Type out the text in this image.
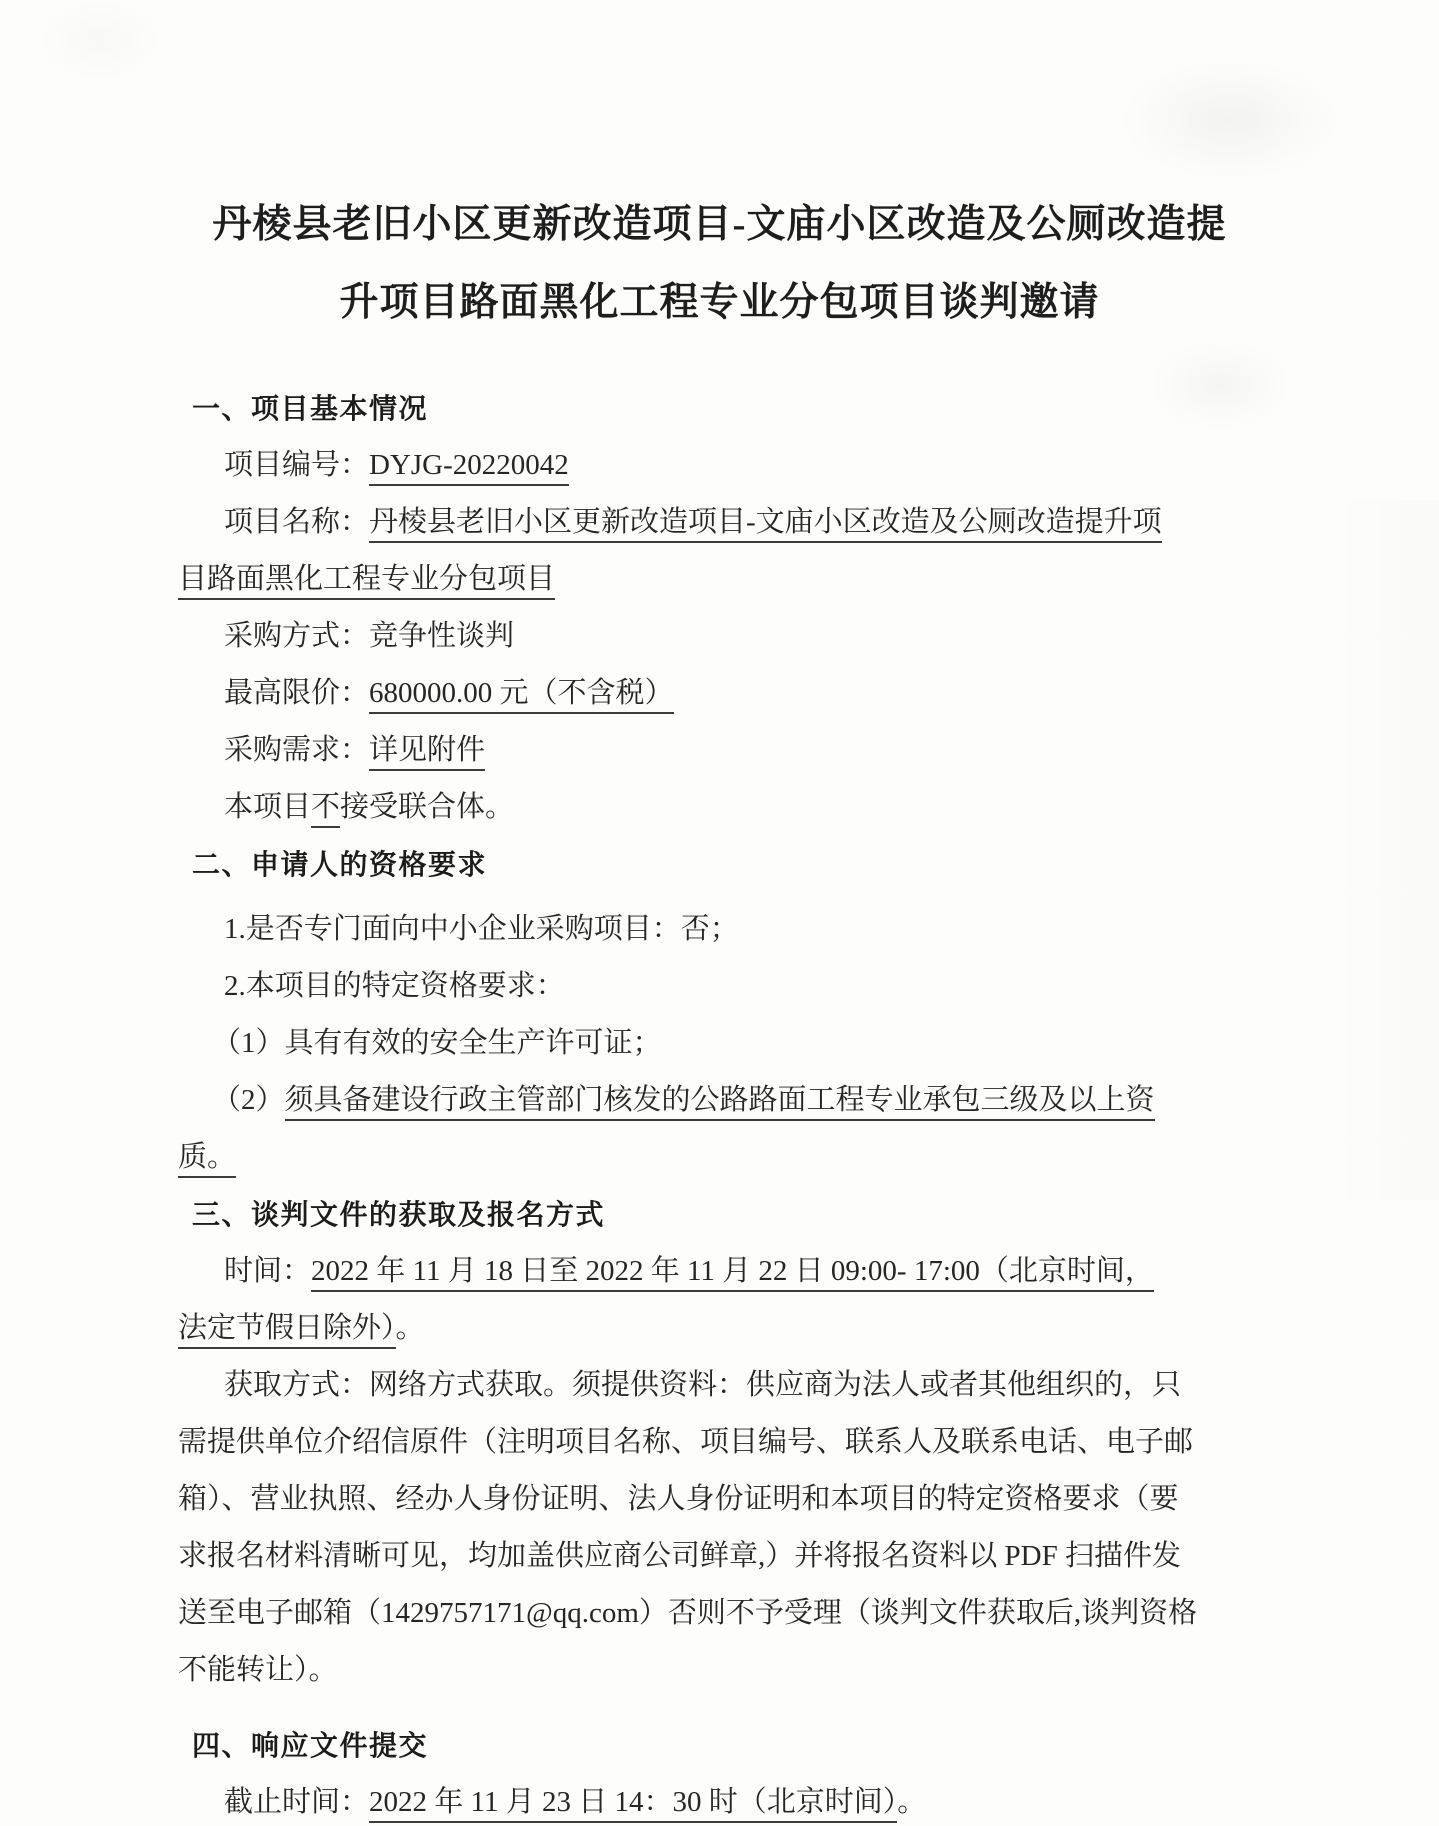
丹棱县老旧小区更新改造项目-文庙小区改造及公厕改造提
升项目路面黑化工程专业分包项目谈判邀请
一、项目基本情况
项目编号：DYJG-20220042
项目名称：丹棱县老旧小区更新改造项目-文庙小区改造及公厕改造提升项
目路面黑化工程专业分包项目
采购方式：竞争性谈判
最高限价：680000.00 元（不含税）
采购需求：详见附件
本项目不接受联合体。
二、申请人的资格要求
1.是否专门面向中小企业采购项目：否；
2.本项目的特定资格要求：
（1）具有有效的安全生产许可证；
（2）须具备建设行政主管部门核发的公路路面工程专业承包三级及以上资
质。
三、谈判文件的获取及报名方式
时间：2022 年 11 月 18 日至 2022 年 11 月 22 日 09:00- 17:00（北京时间，
法定节假日除外）。
获取方式：网络方式获取。须提供资料：供应商为法人或者其他组织的，只
需提供单位介绍信原件（注明项目名称、项目编号、联系人及联系电话、电子邮
箱）、营业执照、经办人身份证明、法人身份证明和本项目的特定资格要求（要
求报名材料清晰可见，均加盖供应商公司鲜章,）并将报名资料以 PDF 扫描件发
送至电子邮箱（1429757171@qq.com）否则不予受理（谈判文件获取后,谈判资格
不能转让）。
四、响应文件提交
截止时间：2022 年 11 月 23 日 14：30 时（北京时间）。
